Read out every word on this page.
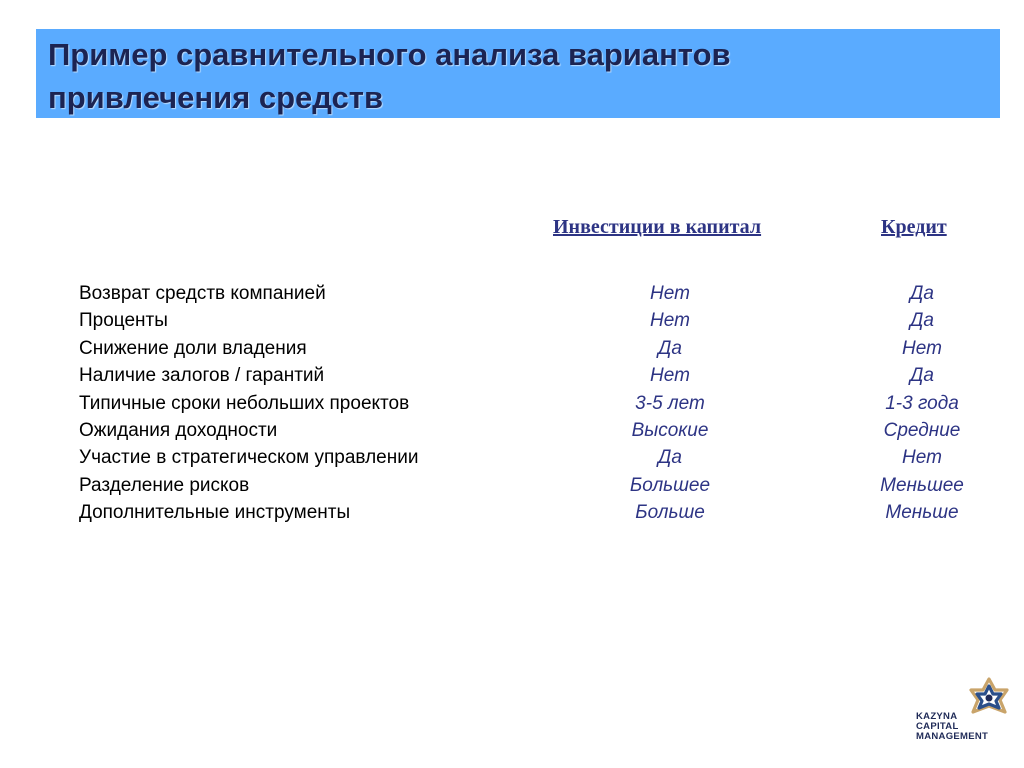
Пример сравнительного анализа вариантов
привлечения средств
Инвестиции в капитал	Кредит
Возврат средств компанией	Нет	Да
Проценты	Нет	Да
Снижение доли владения	Да	Нет
Наличие залогов / гарантий	Нет	Да
Типичные сроки небольших проектов	3-5 лет	1-3 года
Ожидания доходности	Высокие	Средние
Участие в стратегическом управлении	Да	Нет
Разделение рисков	Большее	Меньшее
Дополнительные инструменты	Больше	Меньше
KAZYNA
CAPITAL
MANAGEMENT
